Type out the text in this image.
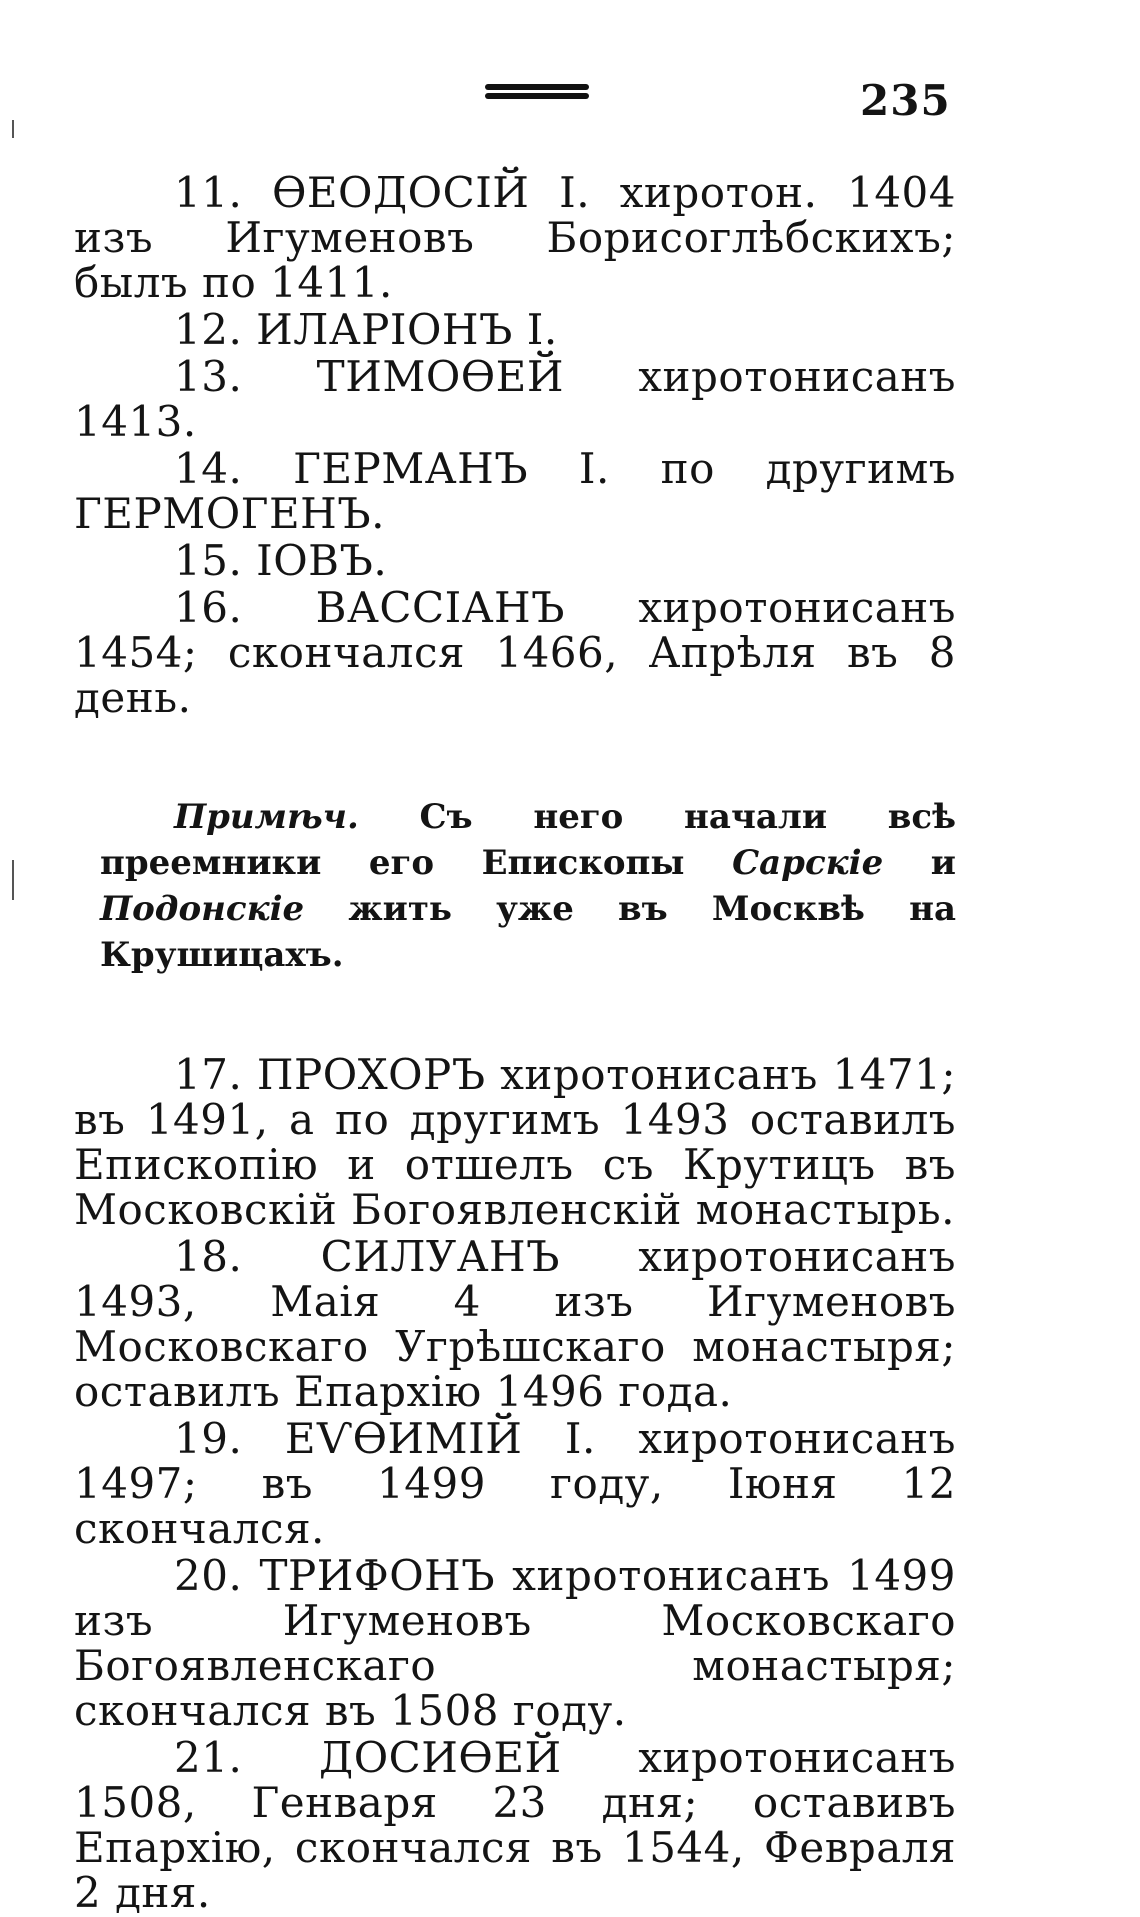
235

11. ѲЕОДОСІЙ I. хиротон. 1404 изъ Игуменовъ Борисоглѣбскихъ; былъ по 1411.

12. ИЛАРІОНЪ I.

13. ТИМОѲЕЙ хиротонисанъ 1413.

14. ГЕРМАНЪ I. по другимъ ГЕРМОГЕНЪ.

15. ІОВЪ.

16. ВАССІАНЪ хиротонисанъ 1454; скончался 1466, Апрѣля въ 8 день.

Примѣч. Съ него начали всѣ преемники его Епископы Сарскіе и Подонскіе жить уже въ Москвѣ на Крушицахъ.

17. ПРОХОРЪ хиротонисанъ 1471; въ 1491, а по другимъ 1493 оставилъ Епископію и отшелъ съ Крутицъ въ Московскій Богоявленскій монастырь.

18. СИЛУАНЪ хиротонисанъ 1493, Маія 4 изъ Игуменовъ Московскаго Угрѣшскаго монастыря; оставилъ Епархію 1496 года.

19. ЕѴѲИМІЙ I. хиротонисанъ 1497; въ 1499 году, Іюня 12 скончался.

20. ТРИФОНЪ хиротонисанъ 1499 изъ Игуменовъ Московскаго Богоявленскаго монастыря; скончался въ 1508 году.

21. ДОСИѲЕЙ хиротонисанъ 1508, Генваря 23 дня; оставивъ Епархію, скончался въ 1544, Февраля 2 дня.
